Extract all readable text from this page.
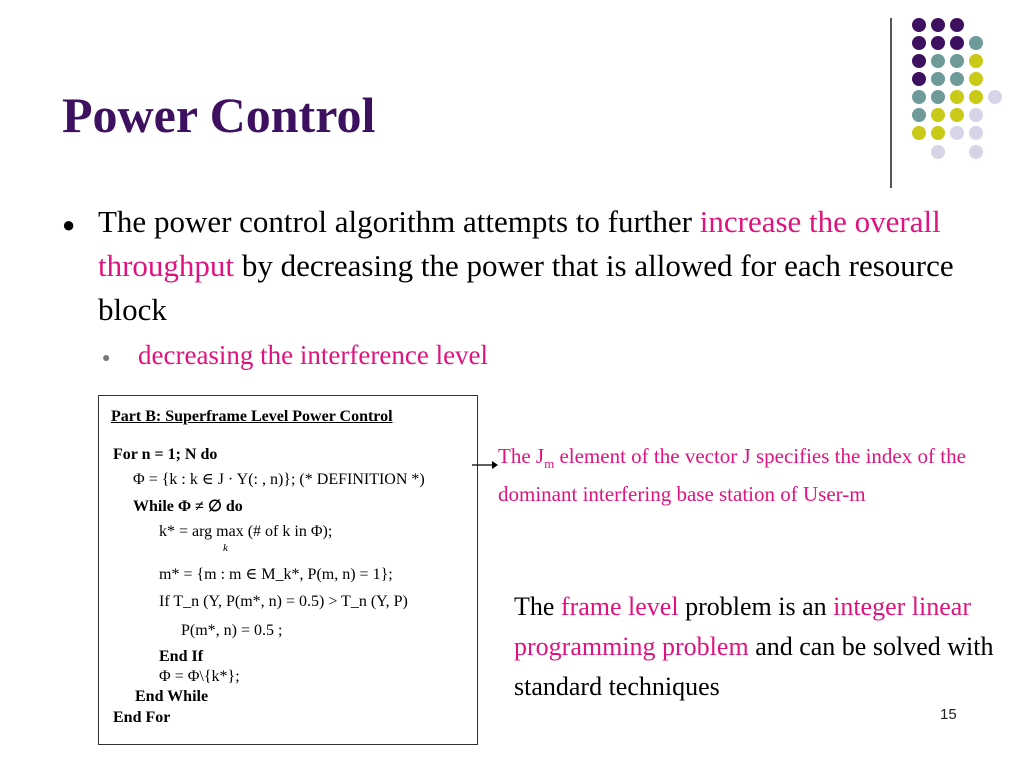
Power Control
● The power control algorithm attempts to further increase the overall throughput by decreasing the power that is allowed for each resource block
● decreasing the interference level
Part B: Superframe Level Power Control
For n = 1; N do
Φ = {k : k ∈ J · Y(: , n)}; (* DEFINITION *)
While Φ ≠ ∅ do
k* = arg max (# of k in Φ);
k
m* = {m : m ∈ M_k*, P(m, n) = 1};
If T_n (Y, P(m*, n) = 0.5) > T_n (Y, P)
P(m*, n) = 0.5 ;
End If
Φ = Φ\{k*};
End While
End For
The $J_m$ element of the vector J specifies the index of the dominant interfering base station of User-m
The frame level problem is an integer linear programming problem and can be solved with standard techniques
15
